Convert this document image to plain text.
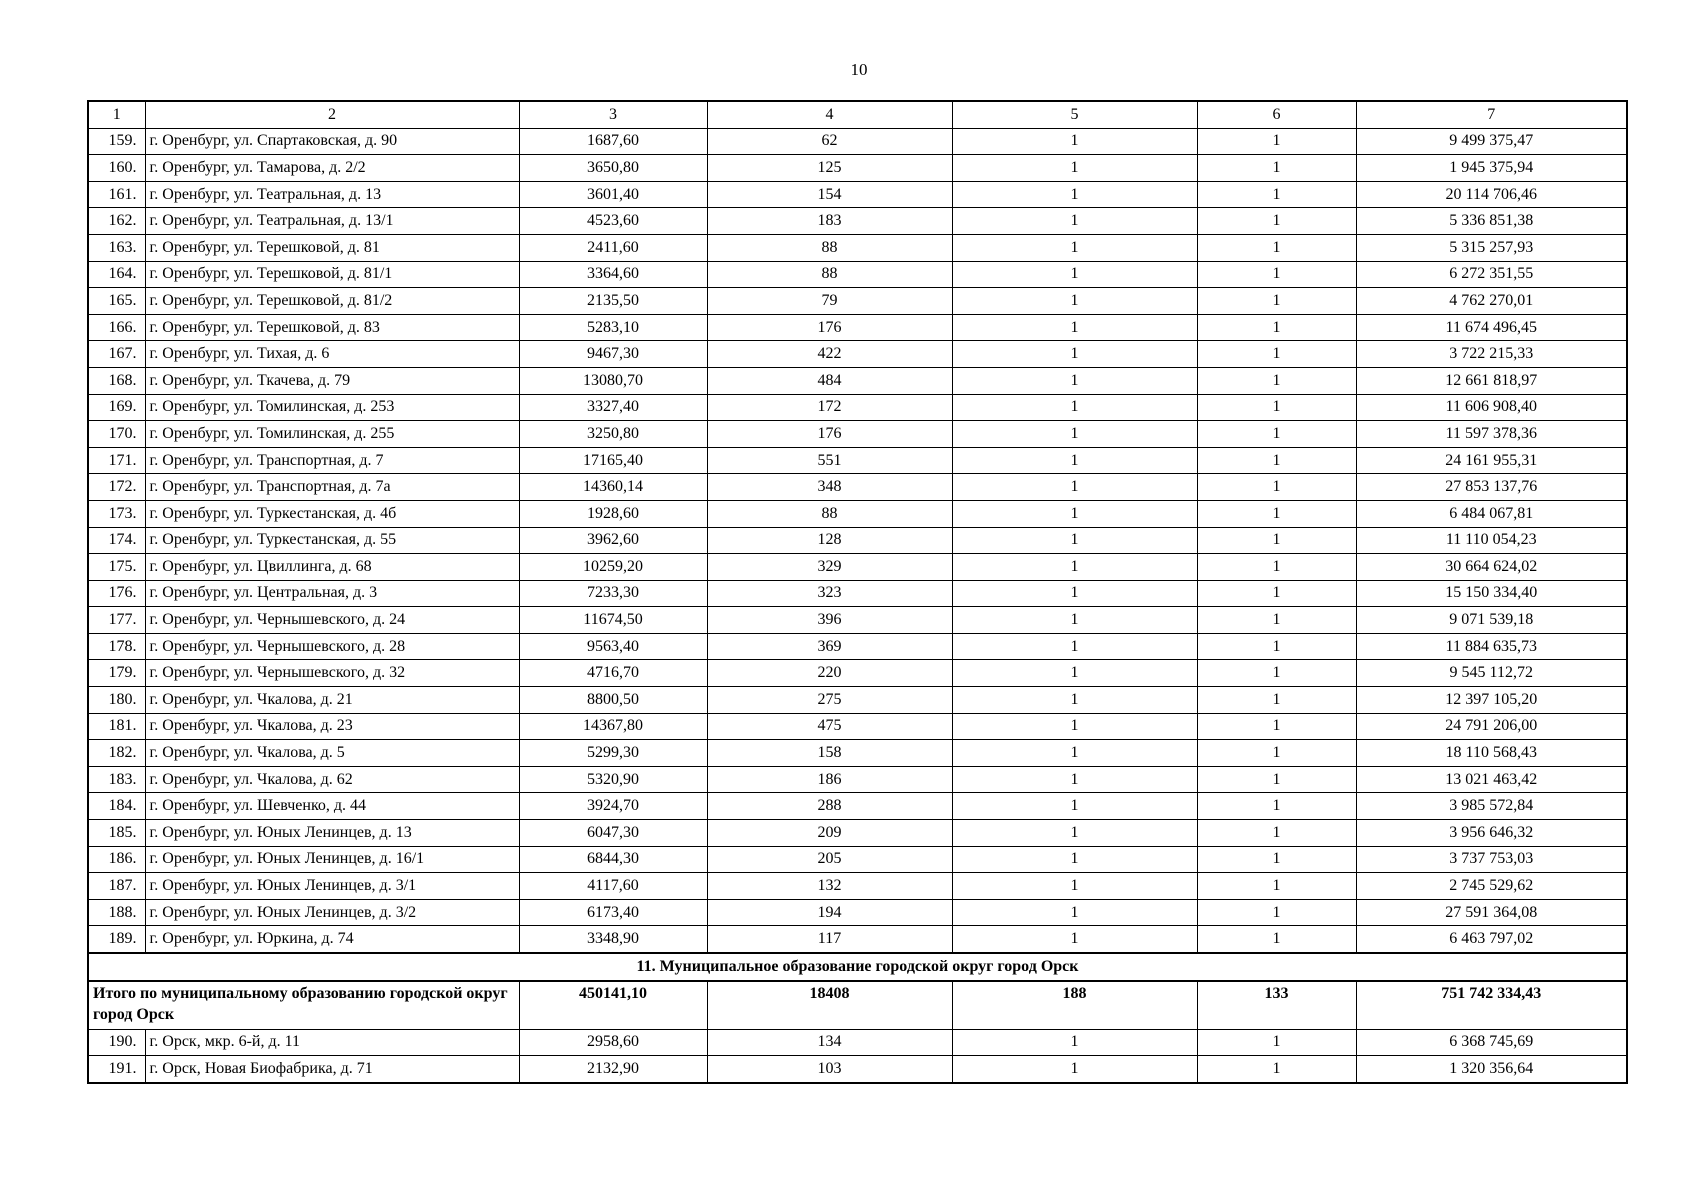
10
1	2	3	4	5	6	7
159.	г. Оренбург, ул. Спартаковская, д. 90	1687,60	62	1	1	9 499 375,47
160.	г. Оренбург, ул. Тамарова, д. 2/2	3650,80	125	1	1	1 945 375,94
161.	г. Оренбург, ул. Театральная, д. 13	3601,40	154	1	1	20 114 706,46
162.	г. Оренбург, ул. Театральная, д. 13/1	4523,60	183	1	1	5 336 851,38
163.	г. Оренбург, ул. Терешковой, д. 81	2411,60	88	1	1	5 315 257,93
164.	г. Оренбург, ул. Терешковой, д. 81/1	3364,60	88	1	1	6 272 351,55
165.	г. Оренбург, ул. Терешковой, д. 81/2	2135,50	79	1	1	4 762 270,01
166.	г. Оренбург, ул. Терешковой, д. 83	5283,10	176	1	1	11 674 496,45
167.	г. Оренбург, ул. Тихая, д. 6	9467,30	422	1	1	3 722 215,33
168.	г. Оренбург, ул. Ткачева, д. 79	13080,70	484	1	1	12 661 818,97
169.	г. Оренбург, ул. Томилинская, д. 253	3327,40	172	1	1	11 606 908,40
170.	г. Оренбург, ул. Томилинская, д. 255	3250,80	176	1	1	11 597 378,36
171.	г. Оренбург, ул. Транспортная, д. 7	17165,40	551	1	1	24 161 955,31
172.	г. Оренбург, ул. Транспортная, д. 7а	14360,14	348	1	1	27 853 137,76
173.	г. Оренбург, ул. Туркестанская, д. 4б	1928,60	88	1	1	6 484 067,81
174.	г. Оренбург, ул. Туркестанская, д. 55	3962,60	128	1	1	11 110 054,23
175.	г. Оренбург, ул. Цвиллинга, д. 68	10259,20	329	1	1	30 664 624,02
176.	г. Оренбург, ул. Центральная, д. 3	7233,30	323	1	1	15 150 334,40
177.	г. Оренбург, ул. Чернышевского, д. 24	11674,50	396	1	1	9 071 539,18
178.	г. Оренбург, ул. Чернышевского, д. 28	9563,40	369	1	1	11 884 635,73
179.	г. Оренбург, ул. Чернышевского, д. 32	4716,70	220	1	1	9 545 112,72
180.	г. Оренбург, ул. Чкалова, д. 21	8800,50	275	1	1	12 397 105,20
181.	г. Оренбург, ул. Чкалова, д. 23	14367,80	475	1	1	24 791 206,00
182.	г. Оренбург, ул. Чкалова, д. 5	5299,30	158	1	1	18 110 568,43
183.	г. Оренбург, ул. Чкалова, д. 62	5320,90	186	1	1	13 021 463,42
184.	г. Оренбург, ул. Шевченко, д. 44	3924,70	288	1	1	3 985 572,84
185.	г. Оренбург, ул. Юных Ленинцев, д. 13	6047,30	209	1	1	3 956 646,32
186.	г. Оренбург, ул. Юных Ленинцев, д. 16/1	6844,30	205	1	1	3 737 753,03
187.	г. Оренбург, ул. Юных Ленинцев, д. 3/1	4117,60	132	1	1	2 745 529,62
188.	г. Оренбург, ул. Юных Ленинцев, д. 3/2	6173,40	194	1	1	27 591 364,08
189.	г. Оренбург, ул. Юркина, д. 74	3348,90	117	1	1	6 463 797,02
11. Муниципальное образование городской округ город Орск						
Итого по муниципальному образованию городской округ город Орск		450141,10	18408	188	133	751 742 334,43
190.	г. Орск, мкр. 6-й, д. 11	2958,60	134	1	1	6 368 745,69
191.	г. Орск, Новая Биофабрика, д. 71	2132,90	103	1	1	1 320 356,64
